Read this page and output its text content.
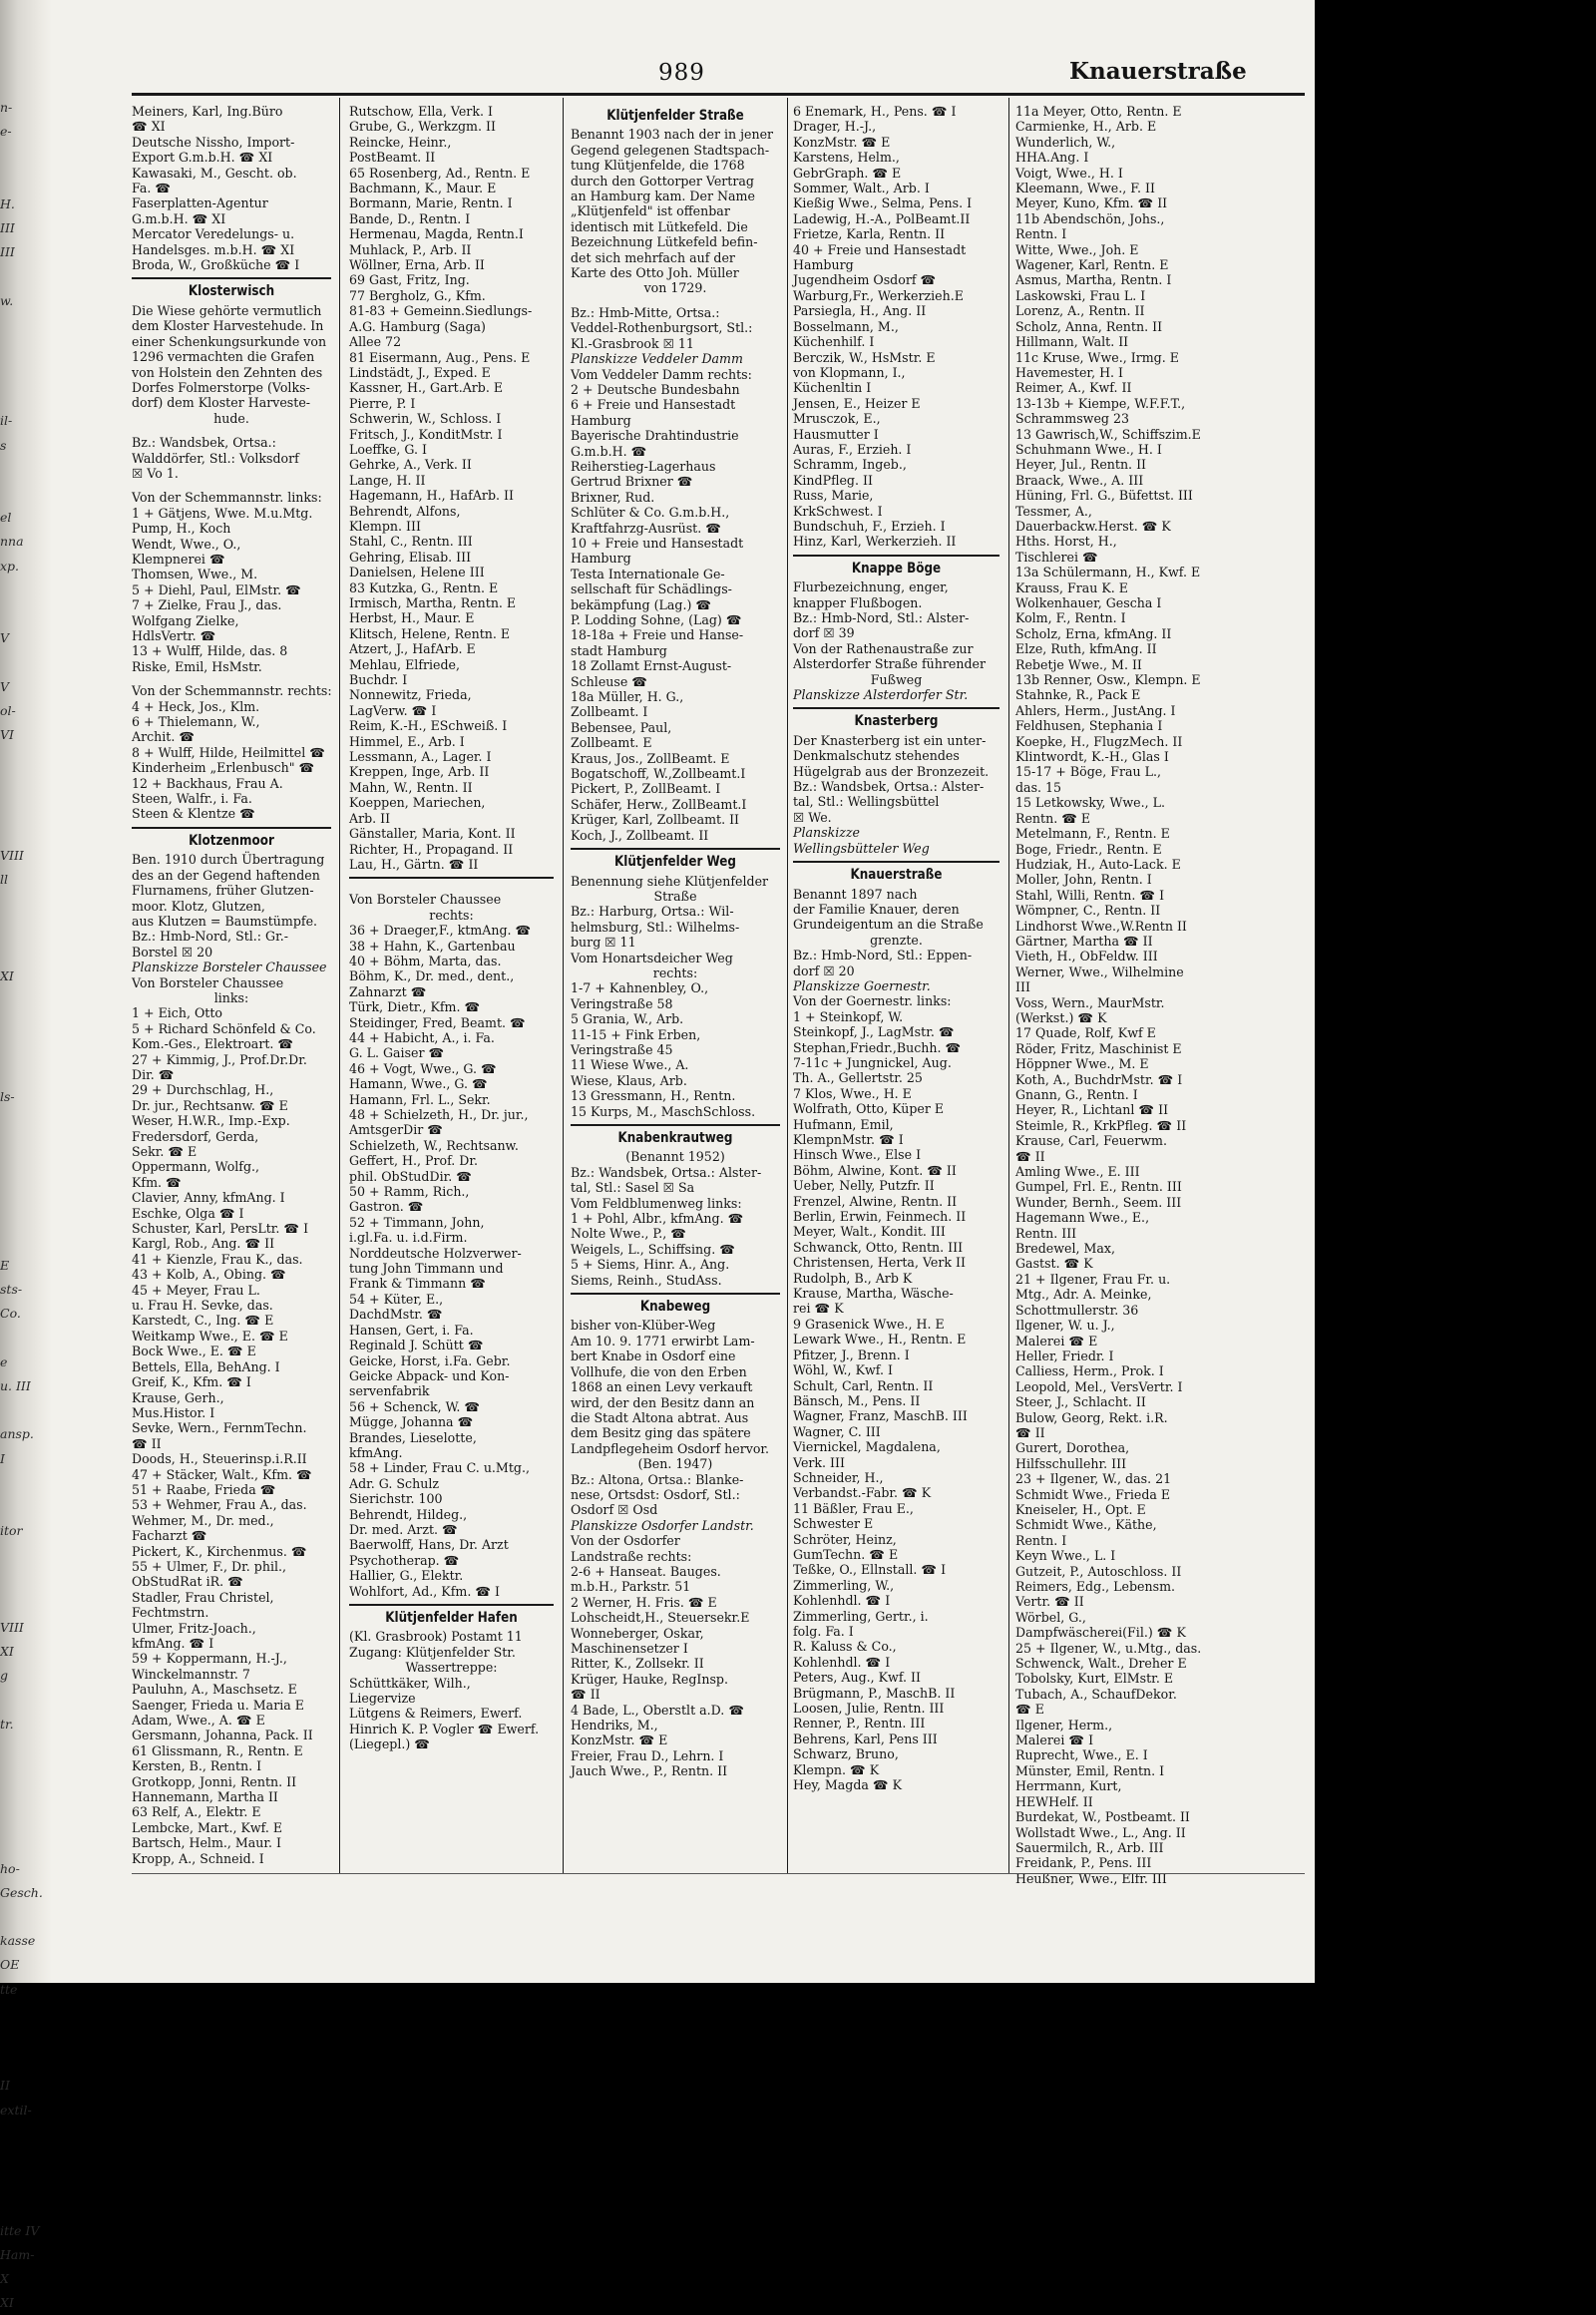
n-
e-
H.
III
III
w.
il-
s
el
nna
xp.
V
V
ol-
VI
VIII
ll
XI
ls-
E
sts-
Co.
e
u. III
ansp.
I
itor
VIII
XI
g
tr.
ho-
Gesch.
kasse
OE
tte
II
extil-
itte IV
Ham-
X
XI
989	Knauerstraße
Meiners, Karl, Ing.Büro
☎ XI
Deutsche Nissho, Import-
Export G.m.b.H. ☎ XI
Kawasaki, M., Gescht. ob.
Fa. ☎
Faserplatten-Agentur
G.m.b.H. ☎ XI
Mercator Veredelungs- u.
Handelsges. m.b.H. ☎ XI
Broda, W., Großküche ☎ I
Klosterwisch
Die Wiese gehörte vermutlich
dem Kloster Harvestehude. In
einer Schenkungsurkunde von
1296 vermachten die Grafen
von Holstein den Zehnten des
Dorfes Folmerstorpe (Volks-
dorf) dem Kloster Harveste-
hude.
Bz.: Wandsbek, Ortsa.:
Walddörfer, Stl.: Volksdorf
☒ Vo 1.
Von der Schemmannstr. links:
1 + Gätjens, Wwe. M.u.Mtg.
Pump, H., Koch
Wendt, Wwe., O.,
Klempnerei ☎
Thomsen, Wwe., M.
5 + Diehl, Paul, ElMstr. ☎
7 + Zielke, Frau J., das.
Wolfgang Zielke,
HdlsVertr. ☎
13 + Wulff, Hilde, das. 8
Riske, Emil, HsMstr.
Von der Schemmannstr. rechts:
4 + Heck, Jos., Klm.
6 + Thielemann, W.,
Archit. ☎
8 + Wulff, Hilde, Heilmittel ☎
Kinderheim „Erlenbusch" ☎
12 + Backhaus, Frau A.
Steen, Walfr., i. Fa.
Steen & Klentze ☎
Klotzenmoor
Ben. 1910 durch Übertragung
des an der Gegend haftenden
Flurnamens, früher Glutzen-
moor. Klotz, Glutzen,
aus Klutzen = Baumstümpfe.
Bz.: Hmb-Nord, Stl.: Gr.-
Borstel ☒ 20
Planskizze Borsteler Chaussee
Von Borsteler Chaussee
links:
1 + Eich, Otto
5 + Richard Schönfeld & Co.
Kom.-Ges., Elektroart. ☎
27 + Kimmig, J., Prof.Dr.Dr.
Dir. ☎
29 + Durchschlag, H.,
Dr. jur., Rechtsanw. ☎ E
Weser, H.W.R., Imp.-Exp.
Fredersdorf, Gerda,
Sekr. ☎ E
Oppermann, Wolfg.,
Kfm. ☎
Clavier, Anny, kfmAng. I
Eschke, Olga ☎ I
Schuster, Karl, PersLtr. ☎ I
Kargl, Rob., Ang. ☎ II
41 + Kienzle, Frau K., das.
43 + Kolb, A., Obing. ☎
45 + Meyer, Frau L.
u. Frau H. Sevke, das.
Karstedt, C., Ing. ☎ E
Weitkamp Wwe., E. ☎ E
Bock Wwe., E. ☎ E
Bettels, Ella, BehAng. I
Greif, K., Kfm. ☎ I
Krause, Gerh.,
Mus.Histor. I
Sevke, Wern., FernmTechn.
☎ II
Doods, H., Steuerinsp.i.R.II
47 + Stäcker, Walt., Kfm. ☎
51 + Raabe, Frieda ☎
53 + Wehmer, Frau A., das.
Wehmer, M., Dr. med.,
Facharzt ☎
Pickert, K., Kirchenmus. ☎
55 + Ulmer, F., Dr. phil.,
ObStudRat iR. ☎
Stadler, Frau Christel,
Fechtmstrn.
Ulmer, Fritz-Joach.,
kfmAng. ☎ I
59 + Koppermann, H.-J.,
Winckelmannstr. 7
Pauluhn, A., Maschsetz. E
Saenger, Frieda u. Maria E
Adam, Wwe., A. ☎ E
Gersmann, Johanna, Pack. II
61 Glissmann, R., Rentn. E
Kersten, B., Rentn. I
Grotkopp, Jonni, Rentn. II
Hannemann, Martha II
63 Relf, A., Elektr. E
Lembcke, Mart., Kwf. E
Bartsch, Helm., Maur. I
Kropp, A., Schneid. I
Rutschow, Ella, Verk. I
Grube, G., Werkzgm. II
Reincke, Heinr.,
PostBeamt. II
65 Rosenberg, Ad., Rentn. E
Bachmann, K., Maur. E
Bormann, Marie, Rentn. I
Bande, D., Rentn. I
Hermenau, Magda, Rentn.I
Muhlack, P., Arb. II
Wöllner, Erna, Arb. II
69 Gast, Fritz, Ing.
77 Bergholz, G., Kfm.
81-83 + Gemeinn.Siedlungs-
A.G. Hamburg (Saga)
Allee 72
81 Eisermann, Aug., Pens. E
Lindstädt, J., Exped. E
Kassner, H., Gart.Arb. E
Pierre, P. I
Schwerin, W., Schloss. I
Fritsch, J., KonditMstr. I
Loeffke, G. I
Gehrke, A., Verk. II
Lange, H. II
Hagemann, H., HafArb. II
Behrendt, Alfons,
Klempn. III
Stahl, C., Rentn. III
Gehring, Elisab. III
Danielsen, Helene III
83 Kutzka, G., Rentn. E
Irmisch, Martha, Rentn. E
Herbst, H., Maur. E
Klitsch, Helene, Rentn. E
Atzert, J., HafArb. E
Mehlau, Elfriede,
Buchdr. I
Nonnewitz, Frieda,
LagVerw. ☎ I
Reim, K.-H., ESchweiß. I
Himmel, E., Arb. I
Lessmann, A., Lager. I
Kreppen, Inge, Arb. II
Mahn, W., Rentn. II
Koeppen, Mariechen,
Arb. II
Gänstaller, Maria, Kont. II
Richter, H., Propagand. II
Lau, H., Gärtn. ☎ II
Von Borsteler Chaussee
rechts:
36 + Draeger,F., ktmAng. ☎
38 + Hahn, K., Gartenbau
40 + Böhm, Marta, das.
Böhm, K., Dr. med., dent.,
Zahnarzt ☎
Türk, Dietr., Kfm. ☎
Steidinger, Fred, Beamt. ☎
44 + Habicht, A., i. Fa.
G. L. Gaiser ☎
46 + Vogt, Wwe., G. ☎
Hamann, Wwe., G. ☎
Hamann, Frl. L., Sekr.
48 + Schielzeth, H., Dr. jur.,
AmtsgerDir ☎
Schielzeth, W., Rechtsanw.
Geffert, H., Prof. Dr.
phil. ObStudDir. ☎
50 + Ramm, Rich.,
Gastron. ☎
52 + Timmann, John,
i.gl.Fa. u. i.d.Firm.
Norddeutsche Holzverwer-
tung John Timmann und
Frank & Timmann ☎
54 + Küter, E.,
DachdMstr. ☎
Hansen, Gert, i. Fa.
Reginald J. Schütt ☎
Geicke, Horst, i.Fa. Gebr.
Geicke Abpack- und Kon-
servenfabrik
56 + Schenck, W. ☎
Mügge, Johanna ☎
Brandes, Lieselotte,
kfmAng.
58 + Linder, Frau C. u.Mtg.,
Adr. G. Schulz
Sierichstr. 100
Behrendt, Hildeg.,
Dr. med. Arzt. ☎
Baerwolff, Hans, Dr. Arzt
Psychotherap. ☎
Hallier, G., Elektr.
Wohlfort, Ad., Kfm. ☎ I
Klütjenfelder Hafen
(Kl. Grasbrook) Postamt 11
Zugang: Klütjenfelder Str.
Wassertreppe:
Schüttkäker, Wilh.,
Liegervize
Lütgens & Reimers, Ewerf.
Hinrich K. P. Vogler ☎ Ewerf.
(Liegepl.) ☎
Klütjenfelder Straße
Benannt 1903 nach der in jener
Gegend gelegenen Stadtspach-
tung Klütjenfelde, die 1768
durch den Gottorper Vertrag
an Hamburg kam. Der Name
„Klütjenfeld" ist offenbar
identisch mit Lütkefeld. Die
Bezeichnung Lütkefeld befin-
det sich mehrfach auf der
Karte des Otto Joh. Müller
von 1729.
Bz.: Hmb-Mitte, Ortsa.:
Veddel-Rothenburgsort, Stl.:
Kl.-Grasbrook ☒ 11
Planskizze Veddeler Damm
Vom Veddeler Damm rechts:
2 + Deutsche Bundesbahn
6 + Freie und Hansestadt
Hamburg
Bayerische Drahtindustrie
G.m.b.H. ☎
Reiherstieg-Lagerhaus
Gertrud Brixner ☎
Brixner, Rud.
Schlüter & Co. G.m.b.H.,
Kraftfahrzg-Ausrüst. ☎
10 + Freie und Hansestadt
Hamburg
Testa Internationale Ge-
sellschaft für Schädlings-
bekämpfung (Lag.) ☎
P. Lodding Sohne, (Lag) ☎
18-18a + Freie und Hanse-
stadt Hamburg
18 Zollamt Ernst-August-
Schleuse ☎
18a Müller, H. G.,
Zollbeamt. I
Bebensee, Paul,
Zollbeamt. E
Kraus, Jos., ZollBeamt. E
Bogatschoff, W.,Zollbeamt.I
Pickert, P., ZollBeamt. I
Schäfer, Herw., ZollBeamt.I
Krüger, Karl, Zollbeamt. II
Koch, J., Zollbeamt. II
Klütjenfelder Weg
Benennung siehe Klütjenfelder
Straße
Bz.: Harburg, Ortsa.: Wil-
helmsburg, Stl.: Wilhelms-
burg ☒ 11
Vom Honartsdeicher Weg
rechts:
1-7 + Kahnenbley, O.,
Veringstraße 58
5 Grania, W., Arb.
11-15 + Fink Erben,
Veringstraße 45
11 Wiese Wwe., A.
Wiese, Klaus, Arb.
13 Gressmann, H., Rentn.
15 Kurps, M., MaschSchloss.
Knabenkrautweg
(Benannt 1952)
Bz.: Wandsbek, Ortsa.: Alster-
tal, Stl.: Sasel ☒ Sa
Vom Feldblumenweg links:
1 + Pohl, Albr., kfmAng. ☎
Nolte Wwe., P., ☎
Weigels, L., Schiffsing. ☎
5 + Siems, Hinr. A., Ang.
Siems, Reinh., StudAss.
Knabeweg
bisher von-Klüber-Weg
Am 10. 9. 1771 erwirbt Lam-
bert Knabe in Osdorf eine
Vollhufe, die von den Erben
1868 an einen Levy verkauft
wird, der den Besitz dann an
die Stadt Altona abtrat. Aus
dem Besitz ging das spätere
Landpflegeheim Osdorf hervor.
(Ben. 1947)
Bz.: Altona, Ortsa.: Blanke-
nese, Ortsdst: Osdorf, Stl.:
Osdorf ☒ Osd
Planskizze Osdorfer Landstr.
Von der Osdorfer
Landstraße rechts:
2-6 + Hanseat. Bauges.
m.b.H., Parkstr. 51
2 Werner, H. Fris. ☎ E
Lohscheidt,H., Steuersekr.E
Wonneberger, Oskar,
Maschinensetzer I
Ritter, K., Zollsekr. II
Krüger, Hauke, RegInsp.
☎ II
4 Bade, L., Oberstlt a.D. ☎
Hendriks, M.,
KonzMstr. ☎ E
Freier, Frau D., Lehrn. I
Jauch Wwe., P., Rentn. II
6 Enemark, H., Pens. ☎ I
Drager, H.-J.,
KonzMstr. ☎ E
Karstens, Helm.,
GebrGraph. ☎ E
Sommer, Walt., Arb. I
Kießig Wwe., Selma, Pens. I
Ladewig, H.-A., PolBeamt.II
Frietze, Karla, Rentn. II
40 + Freie und Hansestadt
Hamburg
Jugendheim Osdorf ☎
Warburg,Fr., Werkerzieh.E
Parsiegla, H., Ang. II
Bosselmann, M.,
Küchenhilf. I
Berczik, W., HsMstr. E
von Klopmann, I.,
Küchenltin I
Jensen, E., Heizer E
Mrusczok, E.,
Hausmutter I
Auras, F., Erzieh. I
Schramm, Ingeb.,
KindPfleg. II
Russ, Marie,
KrkSchwest. I
Bundschuh, F., Erzieh. I
Hinz, Karl, Werkerzieh. II
Knappe Böge
Flurbezeichnung, enger,
knapper Flußbogen.
Bz.: Hmb-Nord, Stl.: Alster-
dorf ☒ 39
Von der Rathenaustraße zur
Alsterdorfer Straße führender
Fußweg
Planskizze Alsterdorfer Str.
Knasterberg
Der Knasterberg ist ein unter-
Denkmalschutz stehendes
Hügelgrab aus der Bronzezeit.
Bz.: Wandsbek, Ortsa.: Alster-
tal, Stl.: Wellingsbüttel
☒ We.
Planskizze
Wellingsbütteler Weg
Knauerstraße
Benannt 1897 nach
der Familie Knauer, deren
Grundeigentum an die Straße
grenzte.
Bz.: Hmb-Nord, Stl.: Eppen-
dorf ☒ 20
Planskizze Goernestr.
Von der Goernestr. links:
1 + Steinkopf, W.
Steinkopf, J., LagMstr. ☎
Stephan,Friedr.,Buchh. ☎
7-11c + Jungnickel, Aug.
Th. A., Gellertstr. 25
7 Klos, Wwe., H. E
Wolfrath, Otto, Küper E
Hufmann, Emil,
KlempnMstr. ☎ I
Hinsch Wwe., Else I
Böhm, Alwine, Kont. ☎ II
Ueber, Nelly, Putzfr. II
Frenzel, Alwine, Rentn. II
Berlin, Erwin, Feinmech. II
Meyer, Walt., Kondit. III
Schwanck, Otto, Rentn. III
Christensen, Herta, Verk II
Rudolph, B., Arb K
Krause, Martha, Wäsche-
rei ☎ K
9 Grasenick Wwe., H. E
Lewark Wwe., H., Rentn. E
Pfitzer, J., Brenn. I
Wöhl, W., Kwf. I
Schult, Carl, Rentn. II
Bänsch, M., Pens. II
Wagner, Franz, MaschB. III
Wagner, C. III
Viernickel, Magdalena,
Verk. III
Schneider, H.,
Verbandst.-Fabr. ☎ K
11 Bäßler, Frau E.,
Schwester E
Schröter, Heinz,
GumTechn. ☎ E
Teßke, O., Ellnstall. ☎ I
Zimmerling, W.,
Kohlenhdl. ☎ I
Zimmerling, Gertr., i.
folg. Fa. I
R. Kaluss & Co.,
Kohlenhdl. ☎ I
Peters, Aug., Kwf. II
Brügmann, P., MaschB. II
Loosen, Julie, Rentn. III
Renner, P., Rentn. III
Behrens, Karl, Pens III
Schwarz, Bruno,
Klempn. ☎ K
Hey, Magda ☎ K
11a Meyer, Otto, Rentn. E
Carmienke, H., Arb. E
Wunderlich, W.,
HHA.Ang. I
Voigt, Wwe., H. I
Kleemann, Wwe., F. II
Meyer, Kuno, Kfm. ☎ II
11b Abendschön, Johs.,
Rentn. I
Witte, Wwe., Joh. E
Wagener, Karl, Rentn. E
Asmus, Martha, Rentn. I
Laskowski, Frau L. I
Lorenz, A., Rentn. II
Scholz, Anna, Rentn. II
Hillmann, Walt. II
11c Kruse, Wwe., Irmg. E
Havemester, H. I
Reimer, A., Kwf. II
13-13b + Kiempe, W.F.F.T.,
Schrammsweg 23
13 Gawrisch,W., Schiffszim.E
Schuhmann Wwe., H. I
Heyer, Jul., Rentn. II
Braack, Wwe., A. III
Hüning, Frl. G., Büfettst. III
Tessmer, A.,
Dauerbackw.Herst. ☎ K
Hths. Horst, H.,
Tischlerei ☎
13a Schülermann, H., Kwf. E
Krauss, Frau K. E
Wolkenhauer, Gescha I
Kolm, F., Rentn. I
Scholz, Erna, kfmAng. II
Elze, Ruth, kfmAng. II
Rebetje Wwe., M. II
13b Renner, Osw., Klempn. E
Stahnke, R., Pack E
Ahlers, Herm., JustAng. I
Feldhusen, Stephania I
Koepke, H., FlugzMech. II
Klintwordt, K.-H., Glas I
15-17 + Böge, Frau L.,
das. 15
15 Letkowsky, Wwe., L.
Rentn. ☎ E
Metelmann, F., Rentn. E
Boge, Friedr., Rentn. E
Hudziak, H., Auto-Lack. E
Moller, John, Rentn. I
Stahl, Willi, Rentn. ☎ I
Wömpner, C., Rentn. II
Lindhorst Wwe.,W.Rentn II
Gärtner, Martha ☎ II
Vieth, H., ObFeldw. III
Werner, Wwe., Wilhelmine
III
Voss, Wern., MaurMstr.
(Werkst.) ☎ K
17 Quade, Rolf, Kwf E
Röder, Fritz, Maschinist E
Höppner Wwe., M. E
Koth, A., BuchdrMstr. ☎ I
Gnann, G., Rentn. I
Heyer, R., Lichtanl ☎ II
Steimle, R., KrkPfleg. ☎ II
Krause, Carl, Feuerwm.
☎ II
Amling Wwe., E. III
Gumpel, Frl. E., Rentn. III
Wunder, Bernh., Seem. III
Hagemann Wwe., E.,
Rentn. III
Bredewel, Max,
Gastst. ☎ K
21 + Ilgener, Frau Fr. u.
Mtg., Adr. A. Meinke,
Schottmullerstr. 36
Ilgener, W. u. J.,
Malerei ☎ E
Heller, Friedr. I
Calliess, Herm., Prok. I
Leopold, Mel., VersVertr. I
Steer, J., Schlacht. II
Bulow, Georg, Rekt. i.R.
☎ II
Gurert, Dorothea,
Hilfsschullehr. III
23 + Ilgener, W., das. 21
Schmidt Wwe., Frieda E
Kneiseler, H., Opt. E
Schmidt Wwe., Käthe,
Rentn. I
Keyn Wwe., L. I
Gutzeit, P., Autoschloss. II
Reimers, Edg., Lebensm.
Vertr. ☎ II
Wörbel, G.,
Dampfwäscherei(Fil.) ☎ K
25 + Ilgener, W., u.Mtg., das.
Schwenck, Walt., Dreher E
Tobolsky, Kurt, ElMstr. E
Tubach, A., SchaufDekor.
☎ E
Ilgener, Herm.,
Malerei ☎ I
Ruprecht, Wwe., E. I
Münster, Emil, Rentn. I
Herrmann, Kurt,
HEWHelf. II
Burdekat, W., Postbeamt. II
Wollstadt Wwe., L., Ang. II
Sauermilch, R., Arb. III
Freidank, P., Pens. III
Heußner, Wwe., Elfr. III
